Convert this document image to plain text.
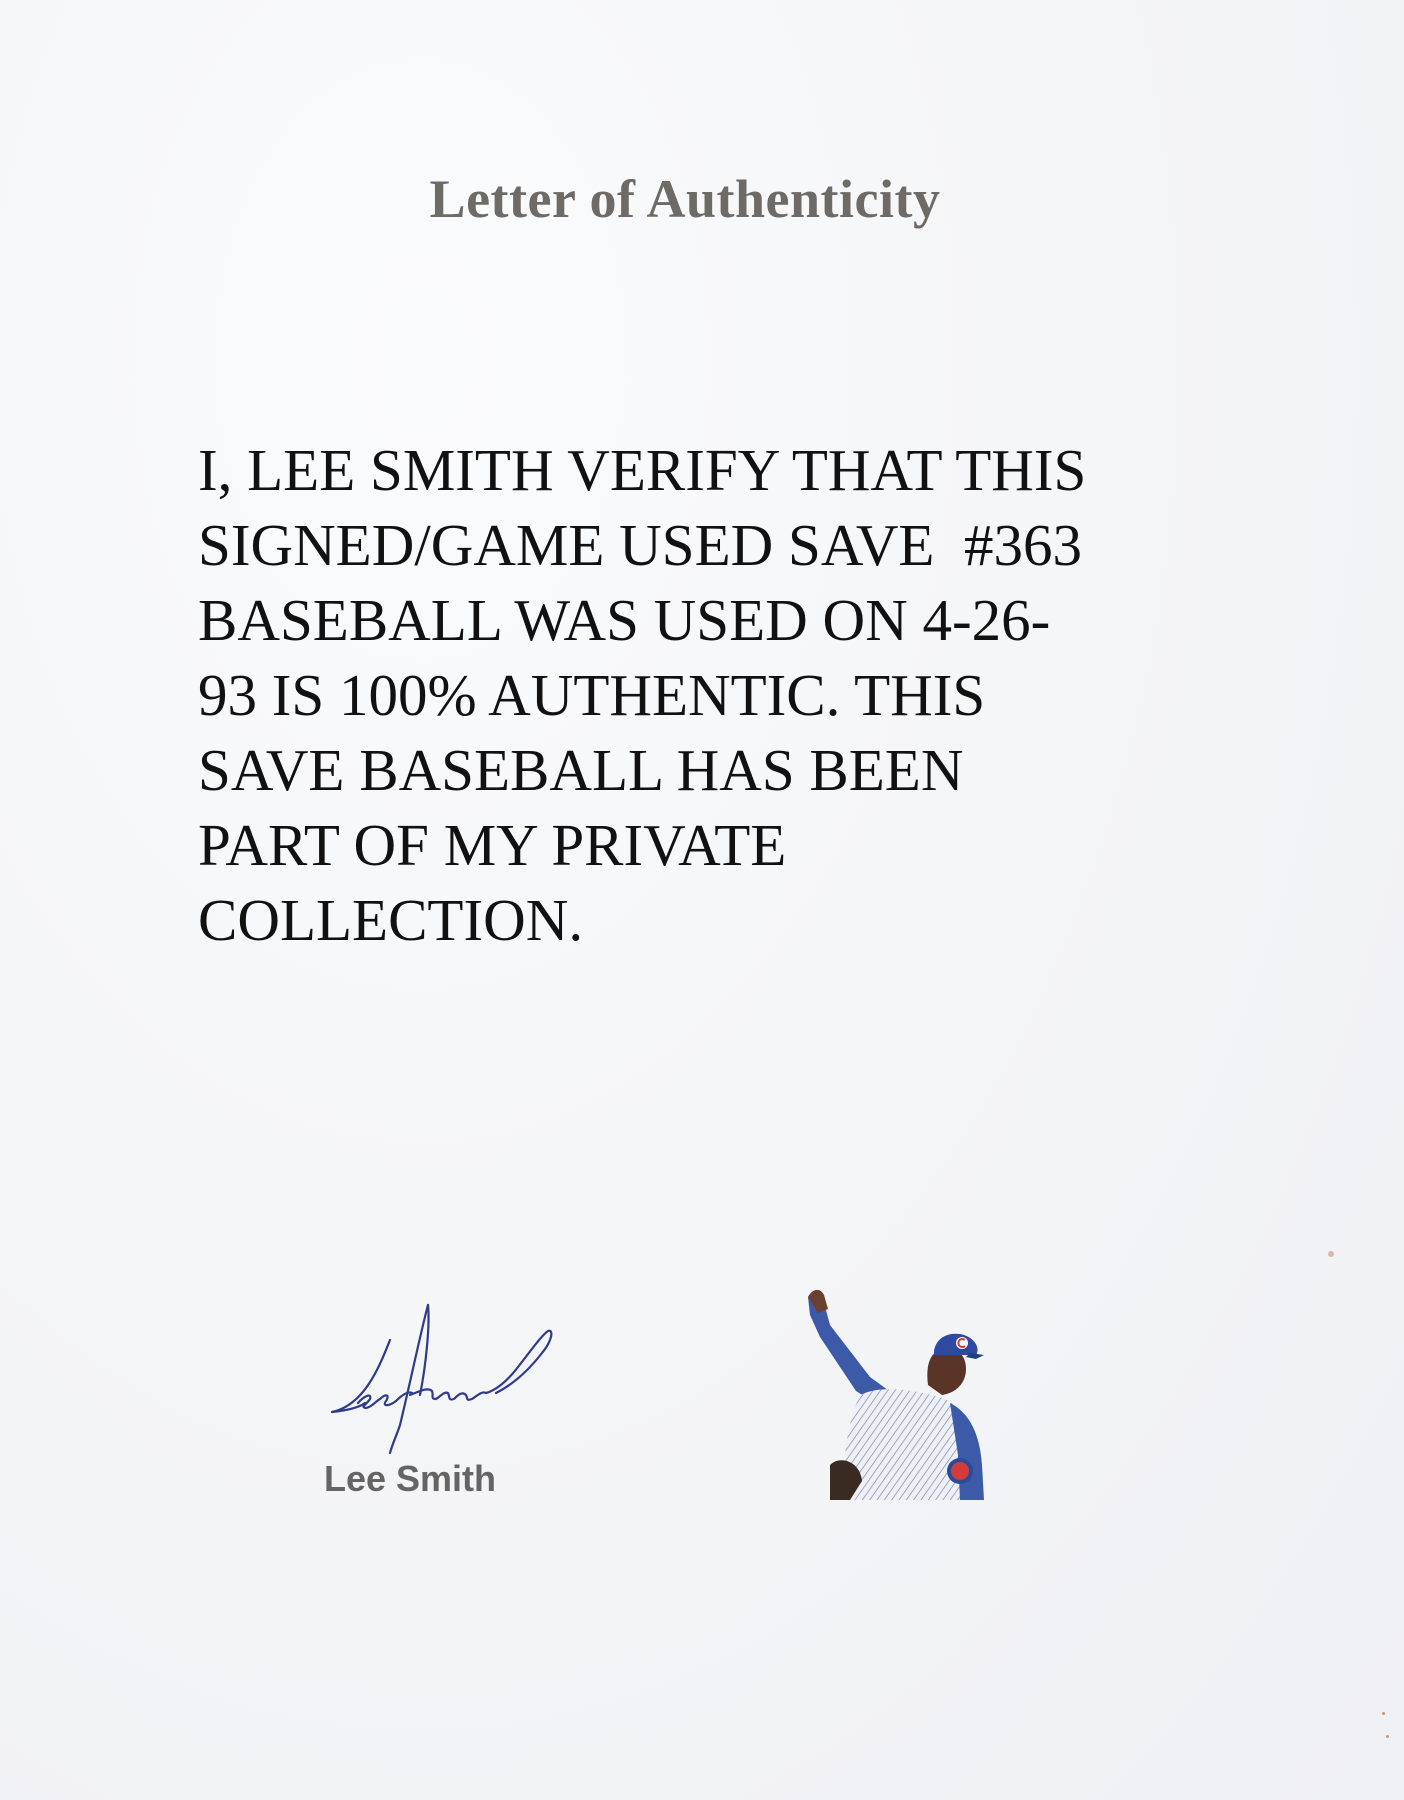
Letter of Authenticity
I, LEE SMITH VERIFY THAT THIS
SIGNED/GAME USED SAVE  #363
BASEBALL WAS USED ON 4-26-
93 IS 100% AUTHENTIC. THIS
SAVE BASEBALL HAS BEEN
PART OF MY PRIVATE
COLLECTION.

Lee Smith
